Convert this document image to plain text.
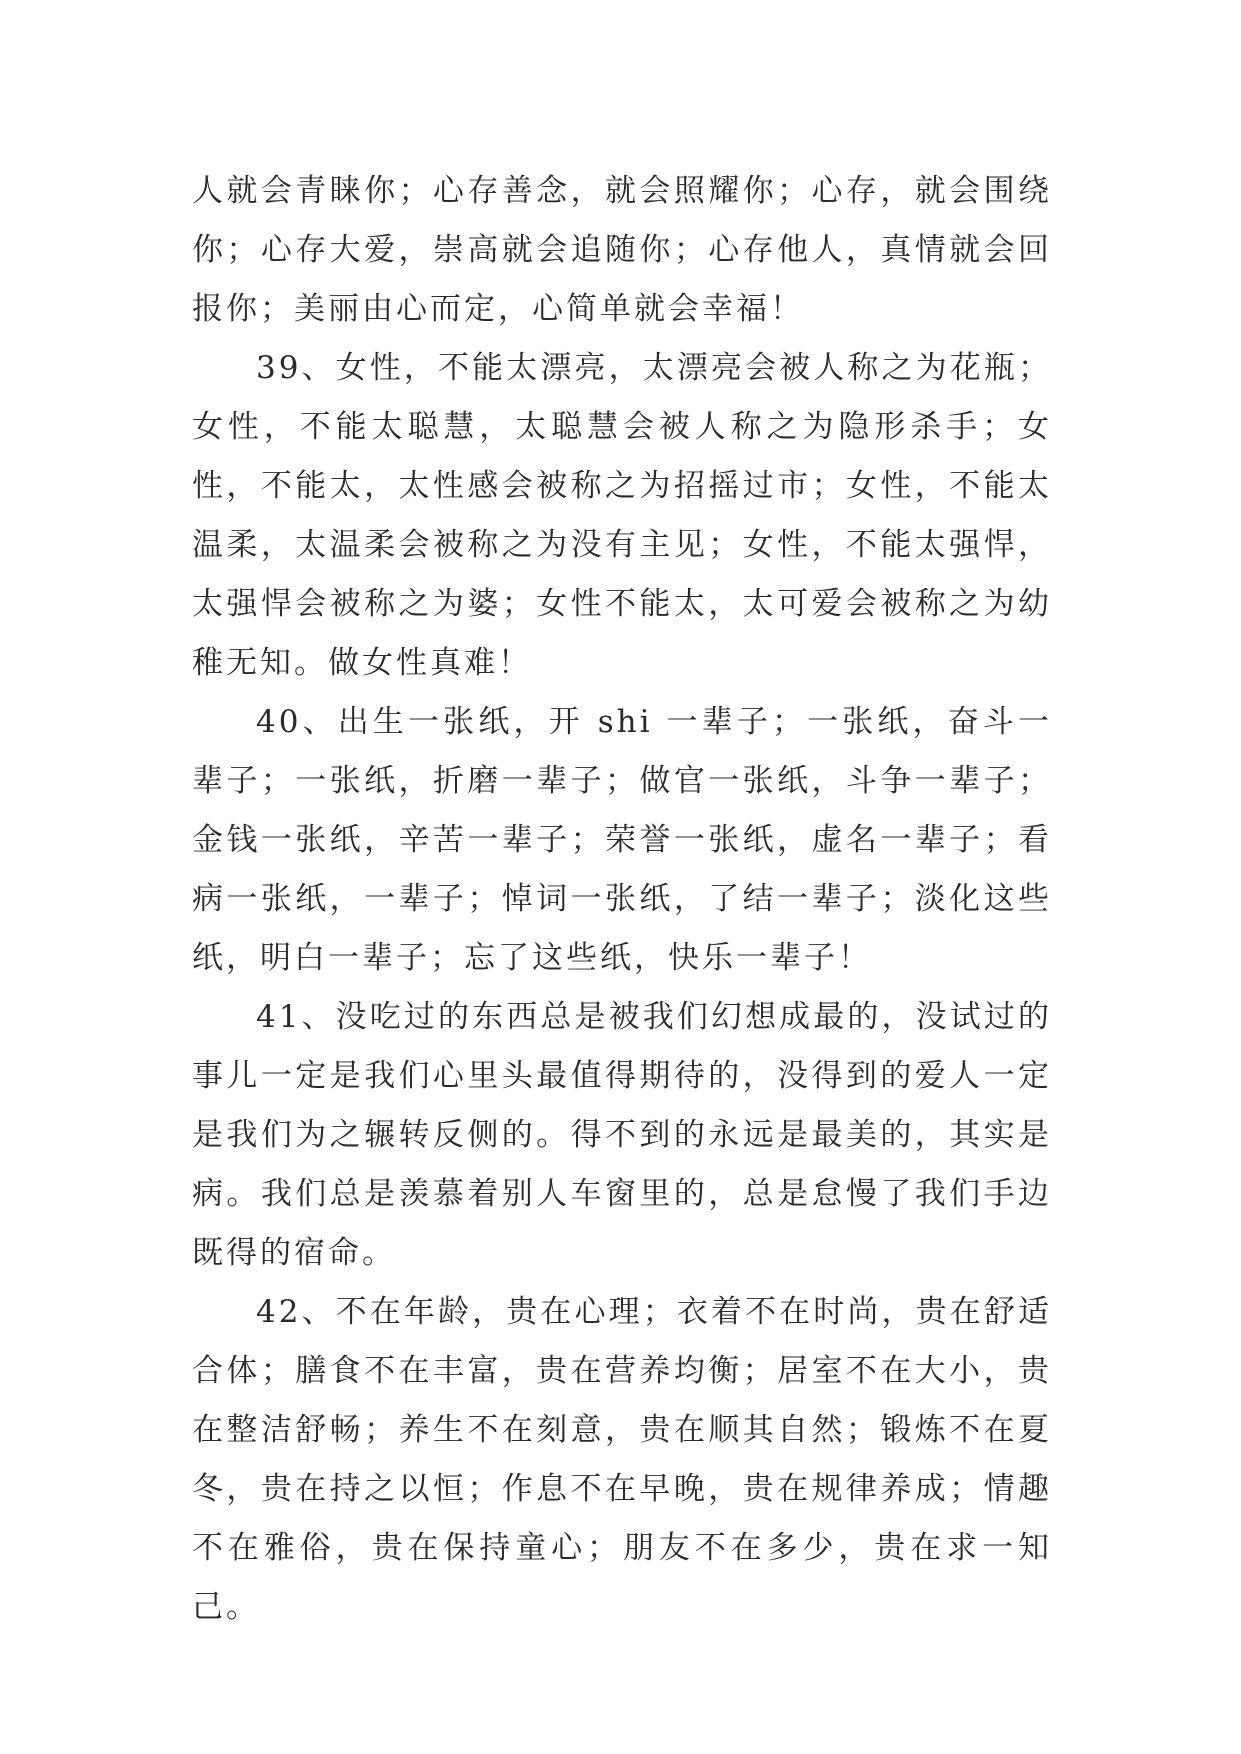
人就会青睐你；心存善念，就会照耀你；心存，就会围绕你；心存大爱，崇高就会追随你；心存他人，真情就会回报你；美丽由心而定，心简单就会幸福！

39、女性，不能太漂亮，太漂亮会被人称之为花瓶；女性，不能太聪慧，太聪慧会被人称之为隐形杀手；女性，不能太，太性感会被称之为招摇过市；女性，不能太温柔，太温柔会被称之为没有主见；女性，不能太强悍，太强悍会被称之为婆；女性不能太，太可爱会被称之为幼稚无知。做女性真难！

40、出生一张纸，开 shi 一辈子；一张纸，奋斗一辈子；一张纸，折磨一辈子；做官一张纸，斗争一辈子；金钱一张纸，辛苦一辈子；荣誉一张纸，虚名一辈子；看病一张纸，一辈子；悼词一张纸，了结一辈子；淡化这些纸，明白一辈子；忘了这些纸，快乐一辈子！

41、没吃过的东西总是被我们幻想成最的，没试过的事儿一定是我们心里头最值得期待的，没得到的爱人一定是我们为之辗转反侧的。得不到的永远是最美的，其实是病。我们总是羡慕着别人车窗里的，总是怠慢了我们手边既得的宿命。

42、不在年龄，贵在心理；衣着不在时尚，贵在舒适合体；膳食不在丰富，贵在营养均衡；居室不在大小，贵在整洁舒畅；养生不在刻意，贵在顺其自然；锻炼不在夏冬，贵在持之以恒；作息不在早晚，贵在规律养成；情趣不在雅俗，贵在保持童心；朋友不在多少，贵在求一知己。
